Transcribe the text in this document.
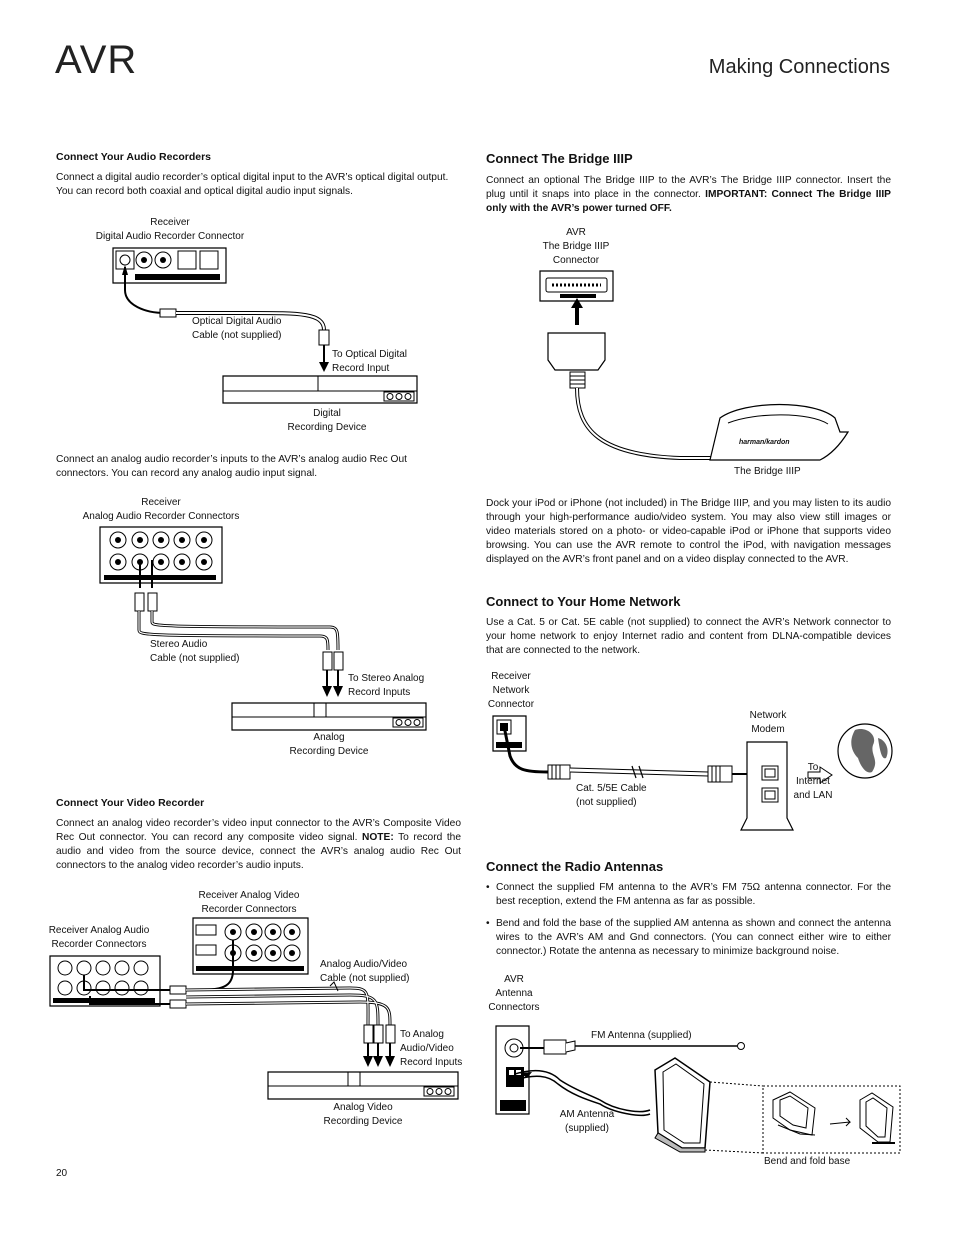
AVR	Making Connections
Connect Your Audio Recorders
Connect a digital audio recorder’s optical digital input to the AVR’s optical digital output. You can record both coaxial and optical digital audio input signals.
Receiver
Digital Audio Recorder Connector
Optical Digital Audio
Cable (not supplied)
To Optical Digital
Record Input
Digital
Recording Device
Connect an analog audio recorder’s inputs to the AVR’s analog audio Rec Out connectors. You can record any analog audio input signal.
Receiver
Analog Audio Recorder Connectors
Stereo Audio
Cable (not supplied)
To Stereo Analog
Record Inputs
Analog
Recording Device
Connect Your Video Recorder
Connect an analog video recorder’s video input connector to the AVR’s Composite Video Rec Out connector. You can record any composite video signal. NOTE: To record the audio and video from the source device, connect the AVR’s analog audio Rec Out connectors to the analog video recorder’s audio inputs.
Receiver Analog Video
Recorder Connectors
Receiver Analog Audio
Recorder Connectors
Analog Audio/Video
Cable (not supplied)
To Analog
Audio/Video
Record Inputs
Analog Video
Recording Device
20
Connect The Bridge IIIP
Connect an optional The Bridge IIIP to the AVR’s The Bridge IIIP connector. Insert the plug until it snaps into place in the connector. IMPORTANT: Connect The Bridge IIIP only with the AVR’s power turned OFF.
AVR
The Bridge IIIP
Connector
harman/kardon
The Bridge IIIP
Dock your iPod or iPhone (not included) in The Bridge IIIP, and you may listen to its audio through your high-performance audio/video system. You may also view still images or video materials stored on a photo- or video-capable iPod or iPhone that supports video browsing. You can use the AVR remote to control the iPod, with navigation messages displayed on the AVR’s front panel and on a video display connected to the AVR.
Connect to Your Home Network
Use a Cat. 5 or Cat. 5E cable (not supplied) to connect the AVR’s Network connector to your home network to enjoy Internet radio and content from DLNA-compatible devices that are connected to the network.
Receiver
Network
Connector
Network
Modem
To
Internet
and LAN
Cat. 5/5E Cable
(not supplied)
Connect the Radio Antennas
• Connect the supplied FM antenna to the AVR’s FM 75Ω antenna connector. For the best reception, extend the FM antenna as far as possible.
• Bend and fold the base of the supplied AM antenna as shown and connect the antenna wires to the AVR’s AM and Gnd connectors. (You can connect either wire to either connector.) Rotate the antenna as necessary to minimize background noise.
AVR
Antenna
Connectors
FM Antenna (supplied)
AM Antenna
(supplied)
Bend and fold base
